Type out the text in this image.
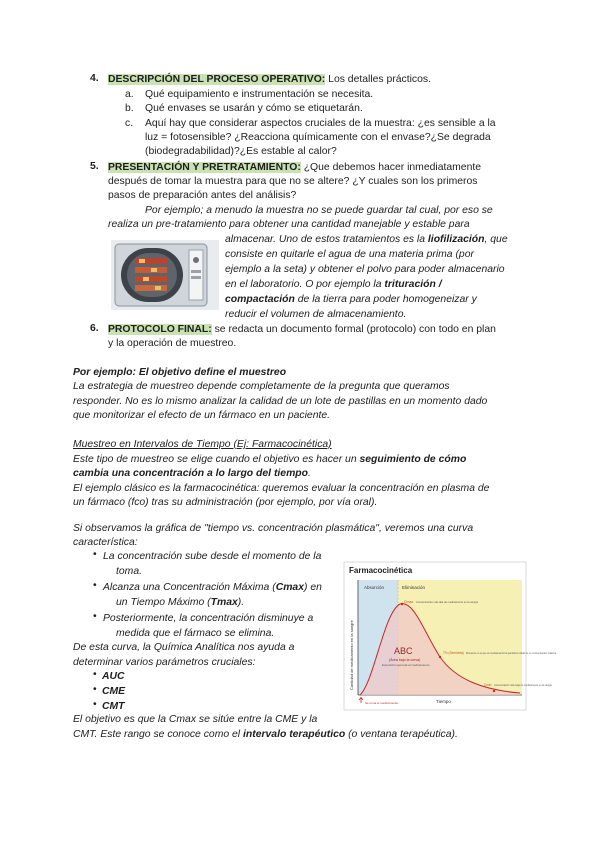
4. DESCRIPCIÓN DEL PROCESO OPERATIVO: Los detalles prácticos.
a. Qué equipamiento e instrumentación se necesita.
b. Qué envases se usarán y cómo se etiquetarán.
c. Aquí hay que considerar aspectos cruciales de la muestra: ¿es sensible a la
luz = fotosensible? ¿Reacciona químicamente con el envase?¿Se degrada
(biodegradabilidad)?¿Es estable al calor?
5. PRESENTACIÓN Y PRETRATAMIENTO: ¿Que debemos hacer inmediatamente
después de tomar la muestra para que no se altere? ¿Y cuales son los primeros
pasos de preparación antes del análisis?
Por ejemplo; a menudo la muestra no se puede guardar tal cual, por eso se
realiza un pre-tratamiento para obtener una cantidad manejable y estable para
almacenar. Uno de estos tratamientos es la liofilización, que
consiste en quitarle el agua de una materia prima (por
ejemplo a la seta) y obtener el polvo para poder almacenario
en el laboratorio. O por ejemplo la trituración /
compactación de la tierra para poder homogeneizar y
reducir el volumen de almacenamiento.
6. PROTOCOLO FINAL: se redacta un documento formal (protocolo) con todo en plan
y la operación de muestreo.
Por ejemplo: El objetivo define el muestreo
La estrategia de muestreo depende completamente de la pregunta que queramos
responder. No es lo mismo analizar la calidad de un lote de pastillas en un momento dado
que monitorizar el efecto de un fármaco en un paciente.
Muestreo en Intervalos de Tiempo (Ej: Farmacocinética)
Este tipo de muestreo se elige cuando el objetivo es hacer un seguimiento de cómo
cambia una concentración a lo largo del tiempo.
El ejemplo clásico es la farmacocinética: queremos evaluar la concentración en plasma de
un fármaco (fco) tras su administración (por ejemplo, por vía oral).
Si observamos la gráfica de "tiempo vs. concentración plasmática", veremos una curva
característica:
• La concentración sube desde el momento de la
toma.
• Alcanza una Concentración Máxima (Cmax) en
un Tiempo Máximo (Tmax).
• Posteriormente, la concentración disminuye a
medida que el fármaco se elimina.
De esta curva, la Química Analítica nos ayuda a
determinar varios parámetros cruciales:
• AUC
• CME
• CMT
El objetivo es que la Cmax se sitúe entre la CME y la
CMT. Este rango se conoce como el intervalo terapéutico (o ventana terapéutica).
Farmacocinética
Absorción	Eliminación
Cantidad de medicamento en la sangre
Tiempo
ABC
(Área bajo la curva)
Exposición general al medicamento
Cmax Concentración más alta de medicamento en la sangre
T½ (Semivida) Momento en el que el medicamento ha perdido la mitad de su concentración máxima
Cmin Concentración más baja de medicamento en la sangre
Se toma el medicamento
